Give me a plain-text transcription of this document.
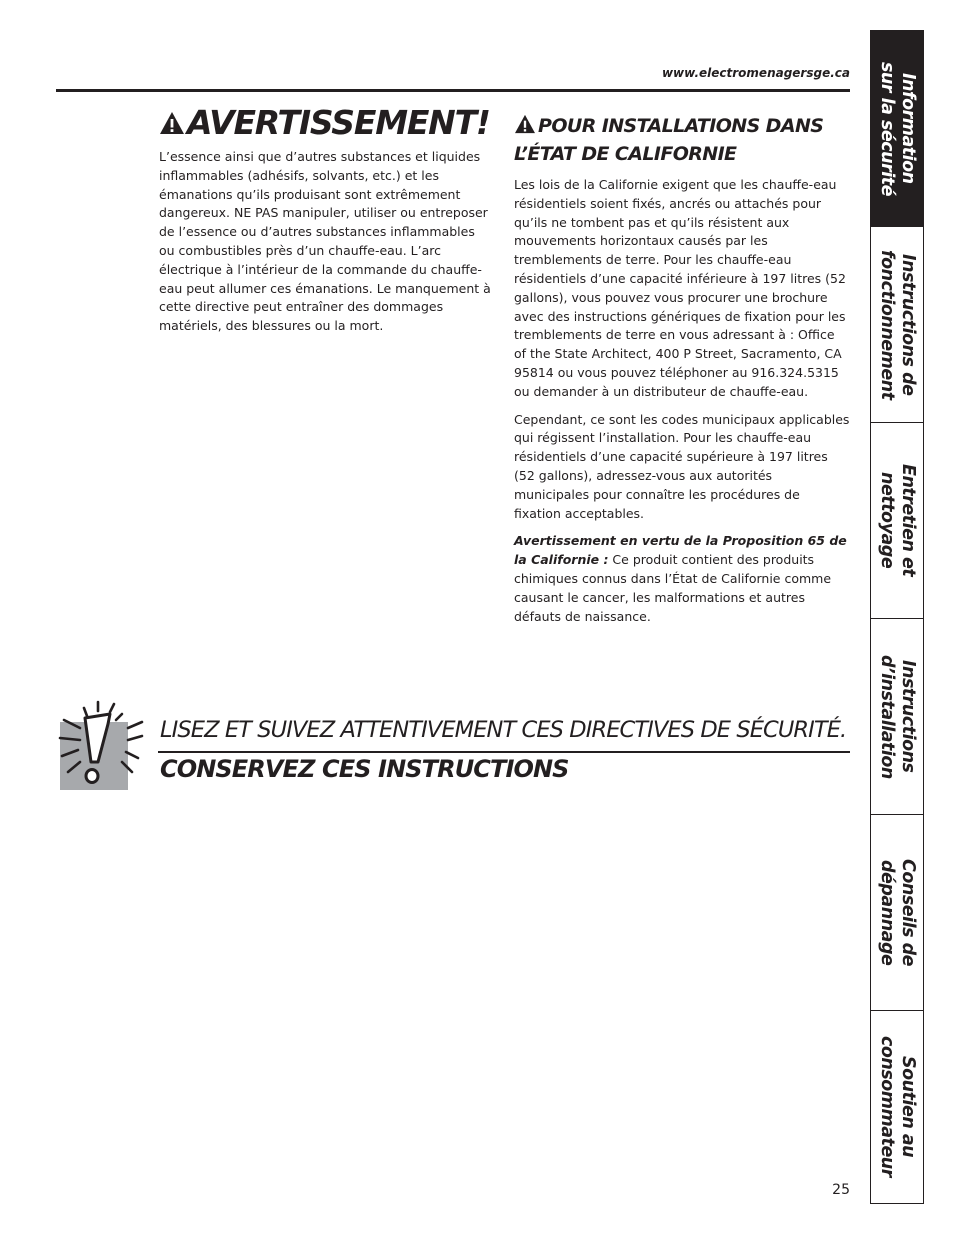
www.electromenagersge.ca
AVERTISSEMENT!

L’essence ainsi que d’autres substances et liquides inflammables (adhésifs, solvants, etc.) et les émanations qu’ils produisant sont extrêmement dangereux. NE PAS manipuler, utiliser ou entreposer de l’essence ou d’autres substances inflammables ou combustibles près d’un chauffe-eau. L’arc électrique à l’intérieur de la commande du chauffe-eau peut allumer ces émanations. Le manquement à cette directive peut entraîner des dommages matériels, des blessures ou la mort.

POUR INSTALLATIONS DANS L’ÉTAT DE CALIFORNIE

Les lois de la Californie exigent que les chauffe-eau résidentiels soient fixés, ancrés ou attachés pour qu’ils ne tombent pas et qu’ils résistent aux mouvements horizontaux causés par les tremblements de terre. Pour les chauffe-eau résidentiels d’une capacité inférieure à 197 litres (52 gallons), vous pouvez vous procurer une brochure avec des instructions génériques de fixation pour les tremblements de terre en vous adressant à : Office of the State Architect, 400 P Street, Sacramento, CA 95814 ou vous pouvez téléphoner au 916.324.5315 ou demander à un distributeur de chauffe-eau.

Cependant, ce sont les codes municipaux applicables qui régissent l’installation. Pour les chauffe-eau résidentiels d’une capacité supérieure à 197 litres (52 gallons), adressez-vous aux autorités municipales pour connaître les procédures de fixation acceptables.

Avertissement en vertu de la Proposition 65 de la Californie : Ce produit contient des produits chimiques connus dans l’État de Californie comme causant le cancer, les malformations et autres défauts de naissance.

LISEZ ET SUIVEZ ATTENTIVEMENT CES DIRECTIVES DE SÉCURITÉ.
CONSERVEZ CES INSTRUCTIONS
25
Information
sur la sécurité
Instructions de
fonctionnement
Entretien et
nettoyage
Instructions
d’installation
Conseils de
dépannage
Soutien au
consommateur
